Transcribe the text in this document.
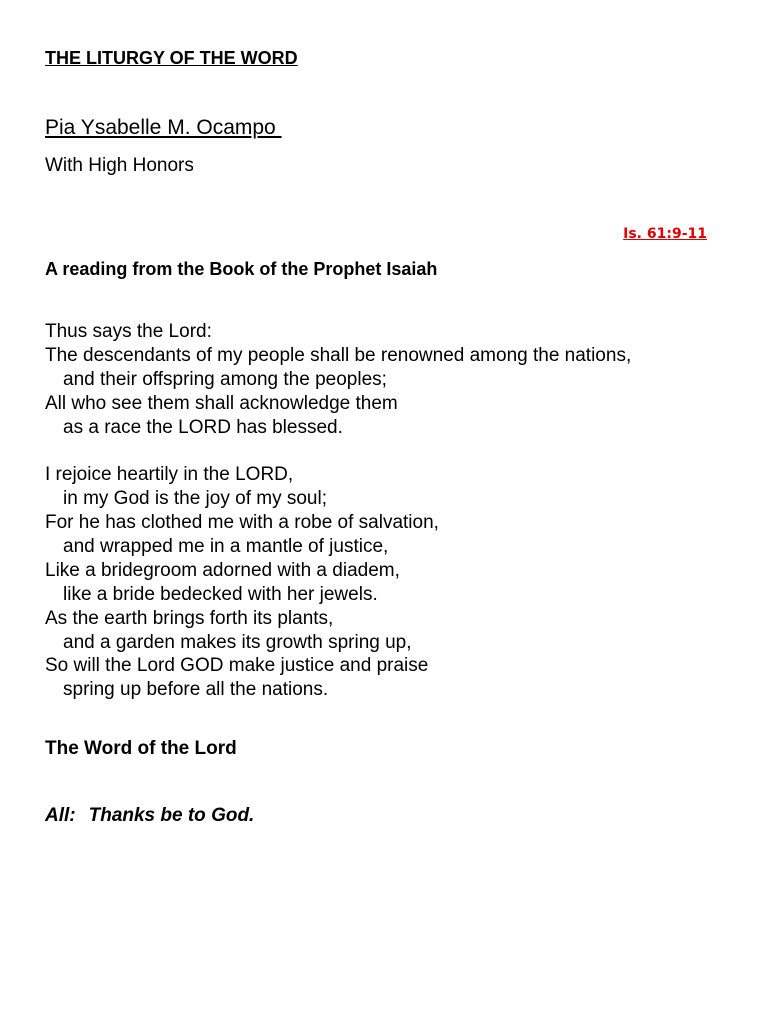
THE LITURGY OF THE WORD
Pia Ysabelle M. Ocampo
With High Honors
Is. 61:9-11
A reading from the Book of the Prophet Isaiah
Thus says the Lord:
The descendants of my people shall be renowned among the nations,
and their offspring among the peoples;
All who see them shall acknowledge them
as a race the LORD has blessed.
I rejoice heartily in the LORD,
in my God is the joy of my soul;
For he has clothed me with a robe of salvation,
and wrapped me in a mantle of justice,
Like a bridegroom adorned with a diadem,
like a bride bedecked with her jewels.
As the earth brings forth its plants,
and a garden makes its growth spring up,
So will the Lord GOD make justice and praise
spring up before all the nations.
The Word of the Lord
All: Thanks be to God.
